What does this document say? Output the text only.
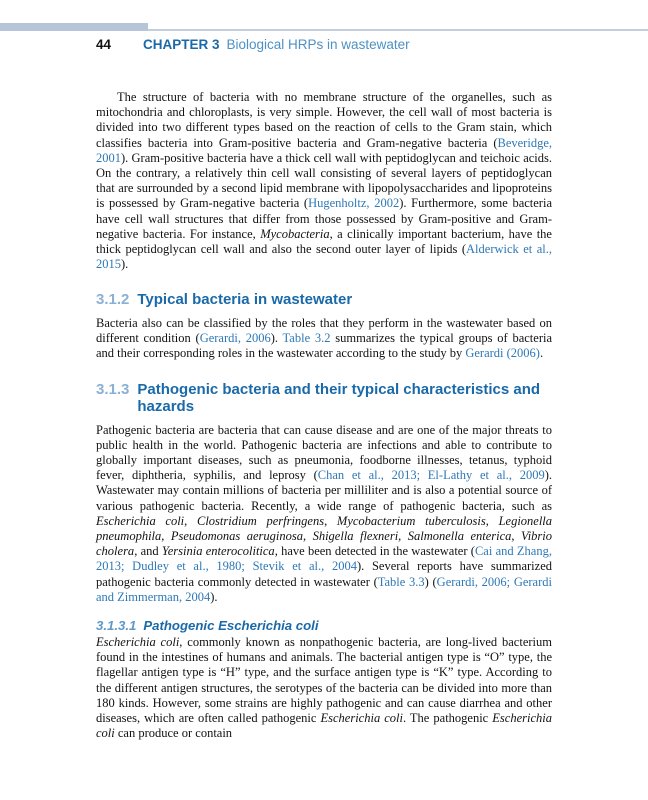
44	CHAPTER 3 Biological HRPs in wastewater

The structure of bacteria with no membrane structure of the organelles, such as mitochondria and chloroplasts, is very simple. However, the cell wall of most bacteria is divided into two different types based on the reaction of cells to the Gram stain, which classifies bacteria into Gram-positive bacteria and Gram-negative bacteria (Beveridge, 2001). Gram-positive bacteria have a thick cell wall with peptidoglycan and teichoic acids. On the contrary, a relatively thin cell wall consisting of several layers of peptidoglycan that are surrounded by a second lipid membrane with lipopolysaccharides and lipoproteins is possessed by Gram-negative bacteria (Hugenholtz, 2002). Furthermore, some bacteria have cell wall structures that differ from those possessed by Gram-positive and Gram-negative bacteria. For instance, Mycobacteria, a clinically important bacterium, have the thick peptidoglycan cell wall and also the second outer layer of lipids (Alderwick et al., 2015).

3.1.2 Typical bacteria in wastewater

Bacteria also can be classified by the roles that they perform in the wastewater based on different condition (Gerardi, 2006). Table 3.2 summarizes the typical groups of bacteria and their corresponding roles in the wastewater according to the study by Gerardi (2006).

3.1.3 Pathogenic bacteria and their typical characteristics and hazards

Pathogenic bacteria are bacteria that can cause disease and are one of the major threats to public health in the world. Pathogenic bacteria are infections and able to contribute to globally important diseases, such as pneumonia, foodborne illnesses, tetanus, typhoid fever, diphtheria, syphilis, and leprosy (Chan et al., 2013; El-Lathy et al., 2009). Wastewater may contain millions of bacteria per milliliter and is also a potential source of various pathogenic bacteria. Recently, a wide range of pathogenic bacteria, such as Escherichia coli, Clostridium perfringens, Mycobacterium tuberculosis, Legionella pneumophila, Pseudomonas aeruginosa, Shigella flexneri, Salmonella enterica, Vibrio cholera, and Yersinia enterocolitica, have been detected in the wastewater (Cai and Zhang, 2013; Dudley et al., 1980; Stevik et al., 2004). Several reports have summarized pathogenic bacteria commonly detected in wastewater (Table 3.3) (Gerardi, 2006; Gerardi and Zimmerman, 2004).

3.1.3.1 Pathogenic Escherichia coli

Escherichia coli, commonly known as nonpathogenic bacteria, are long-lived bacterium found in the intestines of humans and animals. The bacterial antigen type is “O” type, the flagellar antigen type is “H” type, and the surface antigen type is “K” type. According to the different antigen structures, the serotypes of the bacteria can be divided into more than 180 kinds. However, some strains are highly pathogenic and can cause diarrhea and other diseases, which are often called pathogenic Escherichia coli. The pathogenic Escherichia coli can produce or contain
